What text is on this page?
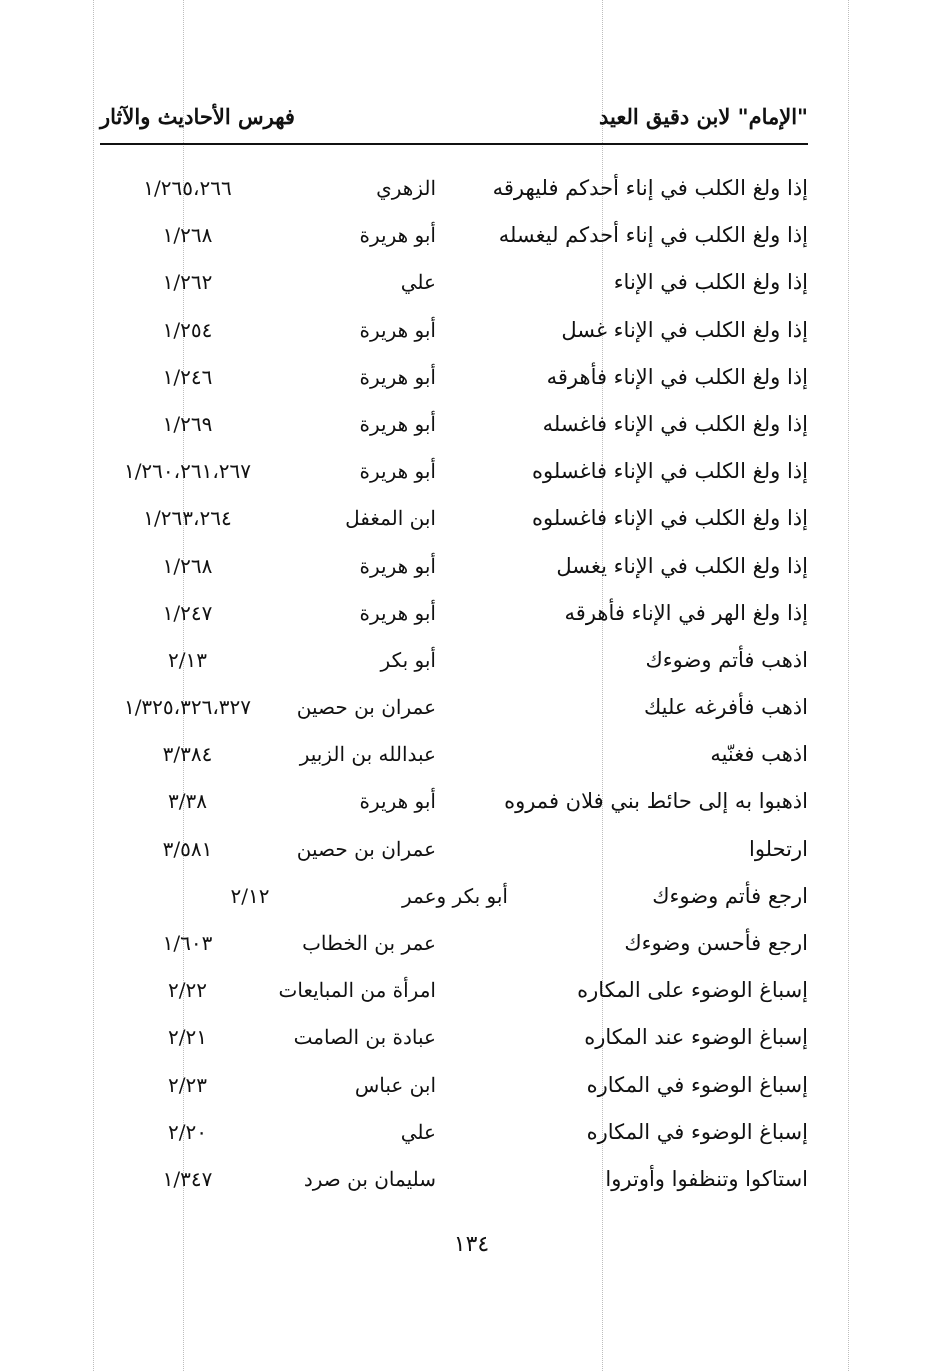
"الإمام" لابن دقيق العيد
فهرس الأحاديث والآثار
إذا ولغ الكلب في إناء أحدكم فليهرقه
الزهري
١/٢٦٥،٢٦٦
إذا ولغ الكلب في إناء أحدكم ليغسله
أبو هريرة
١/٢٦٨
إذا ولغ الكلب في الإناء
علي
١/٢٦٢
إذا ولغ الكلب في الإناء غسل
أبو هريرة
١/٢٥٤
إذا ولغ الكلب في الإناء فأهرقه
أبو هريرة
١/٢٤٦
إذا ولغ الكلب في الإناء فاغسله
أبو هريرة
١/٢٦٩
إذا ولغ الكلب في الإناء فاغسلوه
أبو هريرة
١/٢٦٠،٢٦١،٢٦٧
إذا ولغ الكلب في الإناء فاغسلوه
ابن المغفل
١/٢٦٣،٢٦٤
إذا ولغ الكلب في الإناء يغسل
أبو هريرة
١/٢٦٨
إذا ولغ الهر في الإناء فأهرقه
أبو هريرة
١/٢٤٧
اذهب فأتم وضوءك
أبو بكر
٢/١٣
اذهب فأفرغه عليك
عمران بن حصين
١/٣٢٥،٣٢٦،٣٢٧
اذهب فغنّيه
عبدالله بن الزبير
٣/٣٨٤
اذهبوا به إلى حائط بني فلان فمروه
أبو هريرة
٣/٣٨
ارتحلوا
عمران بن حصين
٣/٥٨١
ارجع فأتم وضوءك
أبو بكر وعمر
٢/١٢
ارجع فأحسن وضوءك
عمر بن الخطاب
١/٦٠٣
إسباغ الوضوء على المكاره
امرأة من المبايعات
٢/٢٢
إسباغ الوضوء عند المكاره
عبادة بن الصامت
٢/٢١
إسباغ الوضوء في المكاره
ابن عباس
٢/٢٣
إسباغ الوضوء في المكاره
علي
٢/٢٠
استاكوا وتنظفوا وأوتروا
سليمان بن صرد
١/٣٤٧
١٣٤
